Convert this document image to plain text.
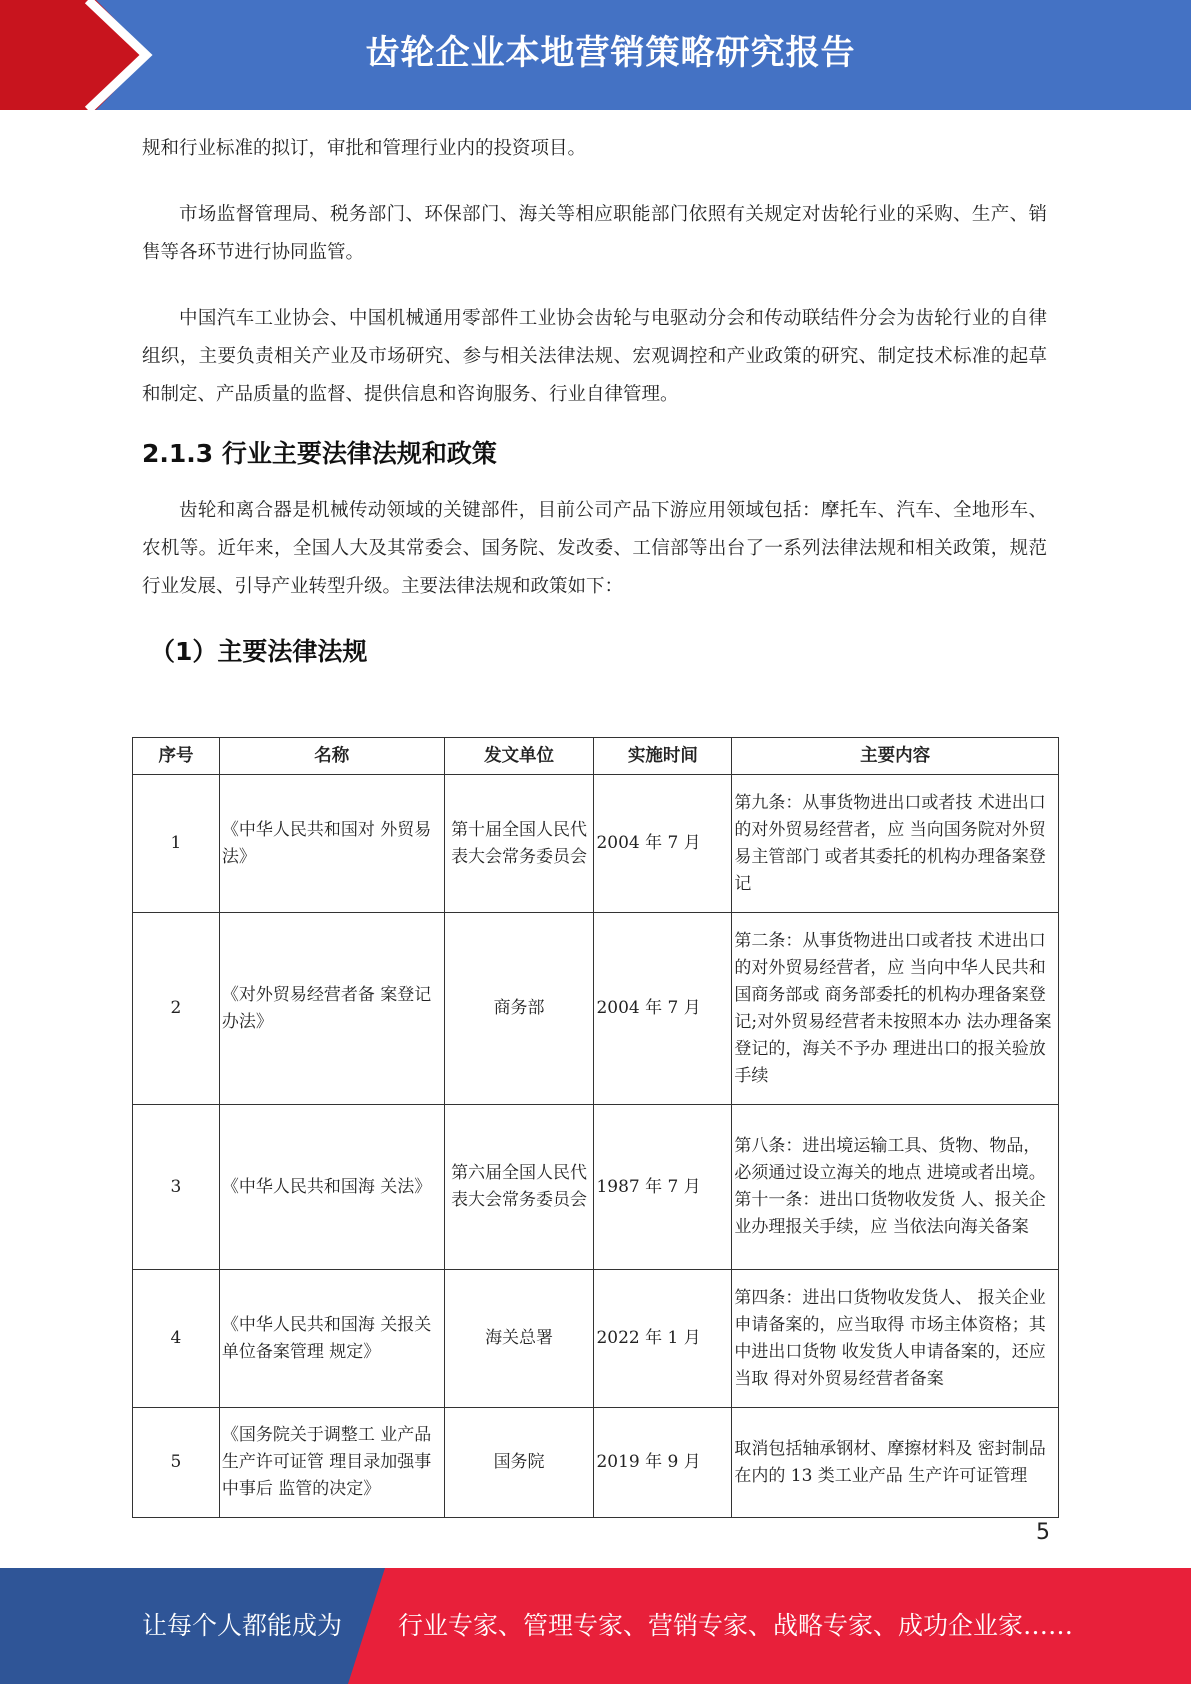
齿轮企业本地营销策略研究报告

规和行业标准的拟订，审批和管理行业内的投资项目。

市场监督管理局、税务部门、环保部门、海关等相应职能部门依照有关规定对齿轮行业的采购、生产、销售等各环节进行协同监管。

中国汽车工业协会、中国机械通用零部件工业协会齿轮与电驱动分会和传动联结件分会为齿轮行业的自律组织，主要负责相关产业及市场研究、参与相关法律法规、宏观调控和产业政策的研究、制定技术标准的起草和制定、产品质量的监督、提供信息和咨询服务、行业自律管理。

2.1.3 行业主要法律法规和政策

齿轮和离合器是机械传动领域的关键部件，目前公司产品下游应用领域包括：摩托车、汽车、全地形车、农机等。近年来，全国人大及其常委会、国务院、发改委、工信部等出台了一系列法律法规和相关政策，规范行业发展、引导产业转型升级。主要法律法规和政策如下：

（1）主要法律法规
序号	名称	发文单位	实施时间	主要内容
1	《中华人民共和国对 外贸易法》	第十届全国人民代表大会常务委员会	2004 年 7 月	第九条：从事货物进出口或者技 术进出口的对外贸易经营者，应 当向国务院对外贸易主管部门 或者其委托的机构办理备案登 记
2	《对外贸易经营者备 案登记办法》	商务部	2004 年 7 月	第二条：从事货物进出口或者技 术进出口的对外贸易经营者，应 当向中华人民共和国商务部或 商务部委托的机构办理备案登 记;对外贸易经营者未按照本办 法办理备案登记的，海关不予办 理进出口的报关验放手续
3	《中华人民共和国海 关法》	第六届全国人民代表大会常务委员会	1987 年 7 月	第八条：进出境运输工具、货物、物品，必须通过设立海关的地点 进境或者出境。 第十一条：进出口货物收发货 人、报关企业办理报关手续，应 当依法向海关备案
4	《中华人民共和国海 关报关单位备案管理 规定》	海关总署	2022 年 1 月	第四条：进出口货物收发货人、 报关企业申请备案的，应当取得 市场主体资格；其中进出口货物 收发货人申请备案的，还应当取 得对外贸易经营者备案
5	《国务院关于调整工 业产品生产许可证管 理目录加强事中事后 监管的决定》	国务院	2019 年 9 月	取消包括轴承钢材、摩擦材料及 密封制品在内的 13 类工业产品 生产许可证管理
5
让每个人都能成为 行业专家、管理专家、营销专家、战略专家、成功企业家……
